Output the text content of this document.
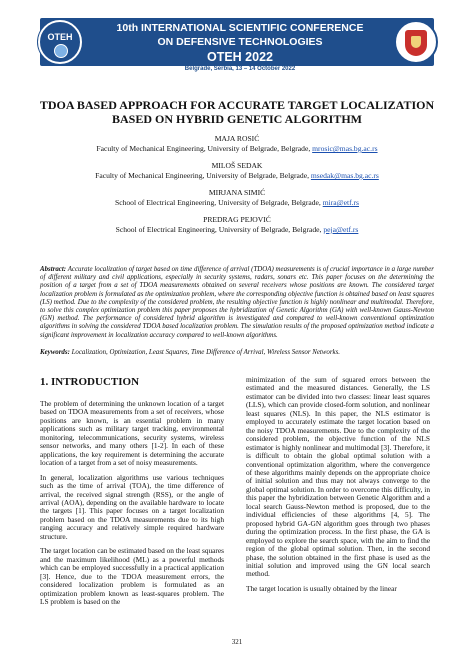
OTEH
10th INTERNATIONAL SCIENTIFIC CONFERENCE
ON DEFENSIVE TECHNOLOGIES
OTEH 2022
Belgrade, Serbia, 13 – 14 October 2022
TDOA BASED APPROACH FOR ACCURATE TARGET LOCALIZATION
BASED ON HYBRID GENETIC ALGORITHM
MAJA ROSIĆ
Faculty of Mechanical Engineering, University of Belgrade, Belgrade, mrosic@mas.bg.ac.rs
MILOŠ SEDAK
Faculty of Mechanical Engineering, University of Belgrade, Belgrade, msedak@mas.bg.ac.rs
MIRJANA SIMIĆ
School of Electrical Engineering, University of Belgrade, Belgrade, mira@etf.rs
PREDRAG PEJOVIĆ
School of Electrical Engineering, University of Belgrade, Belgrade, peja@etf.rs
Abstract: Accurate localization of target based on time difference of arrival (TDOA) measurements is of crucial importance in a large number of different military and civil applications, especially in security systems, radars, sonars etc. This paper focuses on the determining the position of a target from a set of TDOA measurements obtained on several receivers whose positions are known. The considered target localization problem is formulated as the optimization problem, where the corresponding objective function is obtained based on least squares (LS) method. Due to the complexity of the considered problem, the resulting objective function is highly nonlinear and multimodal. Therefore, to solve this complex optimization problem this paper proposes the hybridization of Genetic Algorithm (GA) with well-known Gauss-Newton (GN) method. The performance of considered hybrid algorithm is investigated and compared to well-known conventional optimization algorithms in solving the considered TDOA based localization problem. The simulation results of the proposed optimization method indicate a significant improvement in localization accuracy compared to well-known algorithms.
Keywords: Localization, Optimization, Least Squares, Time Difference of Arrival, Wireless Sensor Networks.
1. INTRODUCTION

The problem of determining the unknown location of a target based on TDOA measurements from a set of receivers, whose positions are known, is an essential problem in many applications such as military target tracking, environmental monitoring, telecommunications, security systems, wireless sensor networks, and many others [1-2]. In each of these applications, the key requirement is determining the accurate location of a target from a set of noisy measurements.

In general, localization algorithms use various techniques such as the time of arrival (TOA), the time difference of arrival, the received signal strength (RSS), or the angle of arrival (AOA), depending on the available hardware to locate the targets [1]. This paper focuses on a target localization problem based on the TDOA measurements due to its high ranging accuracy and relatively simple required hardware structure.

The target location can be estimated based on the least squares and the maximum likelihood (ML) as a powerful methods which can be employed successfully in a practical application [3]. Hence, due to the TDOA measurement errors, the considered localization problem is formulated as an optimization problem known as least-squares problem. The LS problem is based on the

minimization of the sum of squared errors between the estimated and the measured distances. Generally, the LS estimator can be divided into two classes: linear least squares (LLS), which can provide closed-form solution, and nonlinear least squares (NLS). In this paper, the NLS estimator is employed to accurately estimate the target location based on the noisy TDOA measurements. Due to the complexity of the considered problem, the objective function of the NLS estimator is highly nonlinear and multimodal [3]. Therefore, it is difficult to obtain the global optimal solution with a conventional optimization algorithm, where the convergence of these algorithms mainly depends on the appropriate choice of initial solution and thus may not always converge to the global optimal solution. In order to overcome this difficulty, in this paper the hybridization between Genetic Algorithm and a local search Gauss-Newton method is proposed, due to the individual efficiencies of these algorithms [4, 5]. The proposed hybrid GA-GN algorithm goes through two phases during the optimization process. In the first phase, the GA is employed to explore the search space, with the aim to find the region of the global optimal solution. Then, in the second phase, the solution obtained in the first phase is used as the initial solution and improved using the GN local search method.

The target location is usually obtained by the linear

321
